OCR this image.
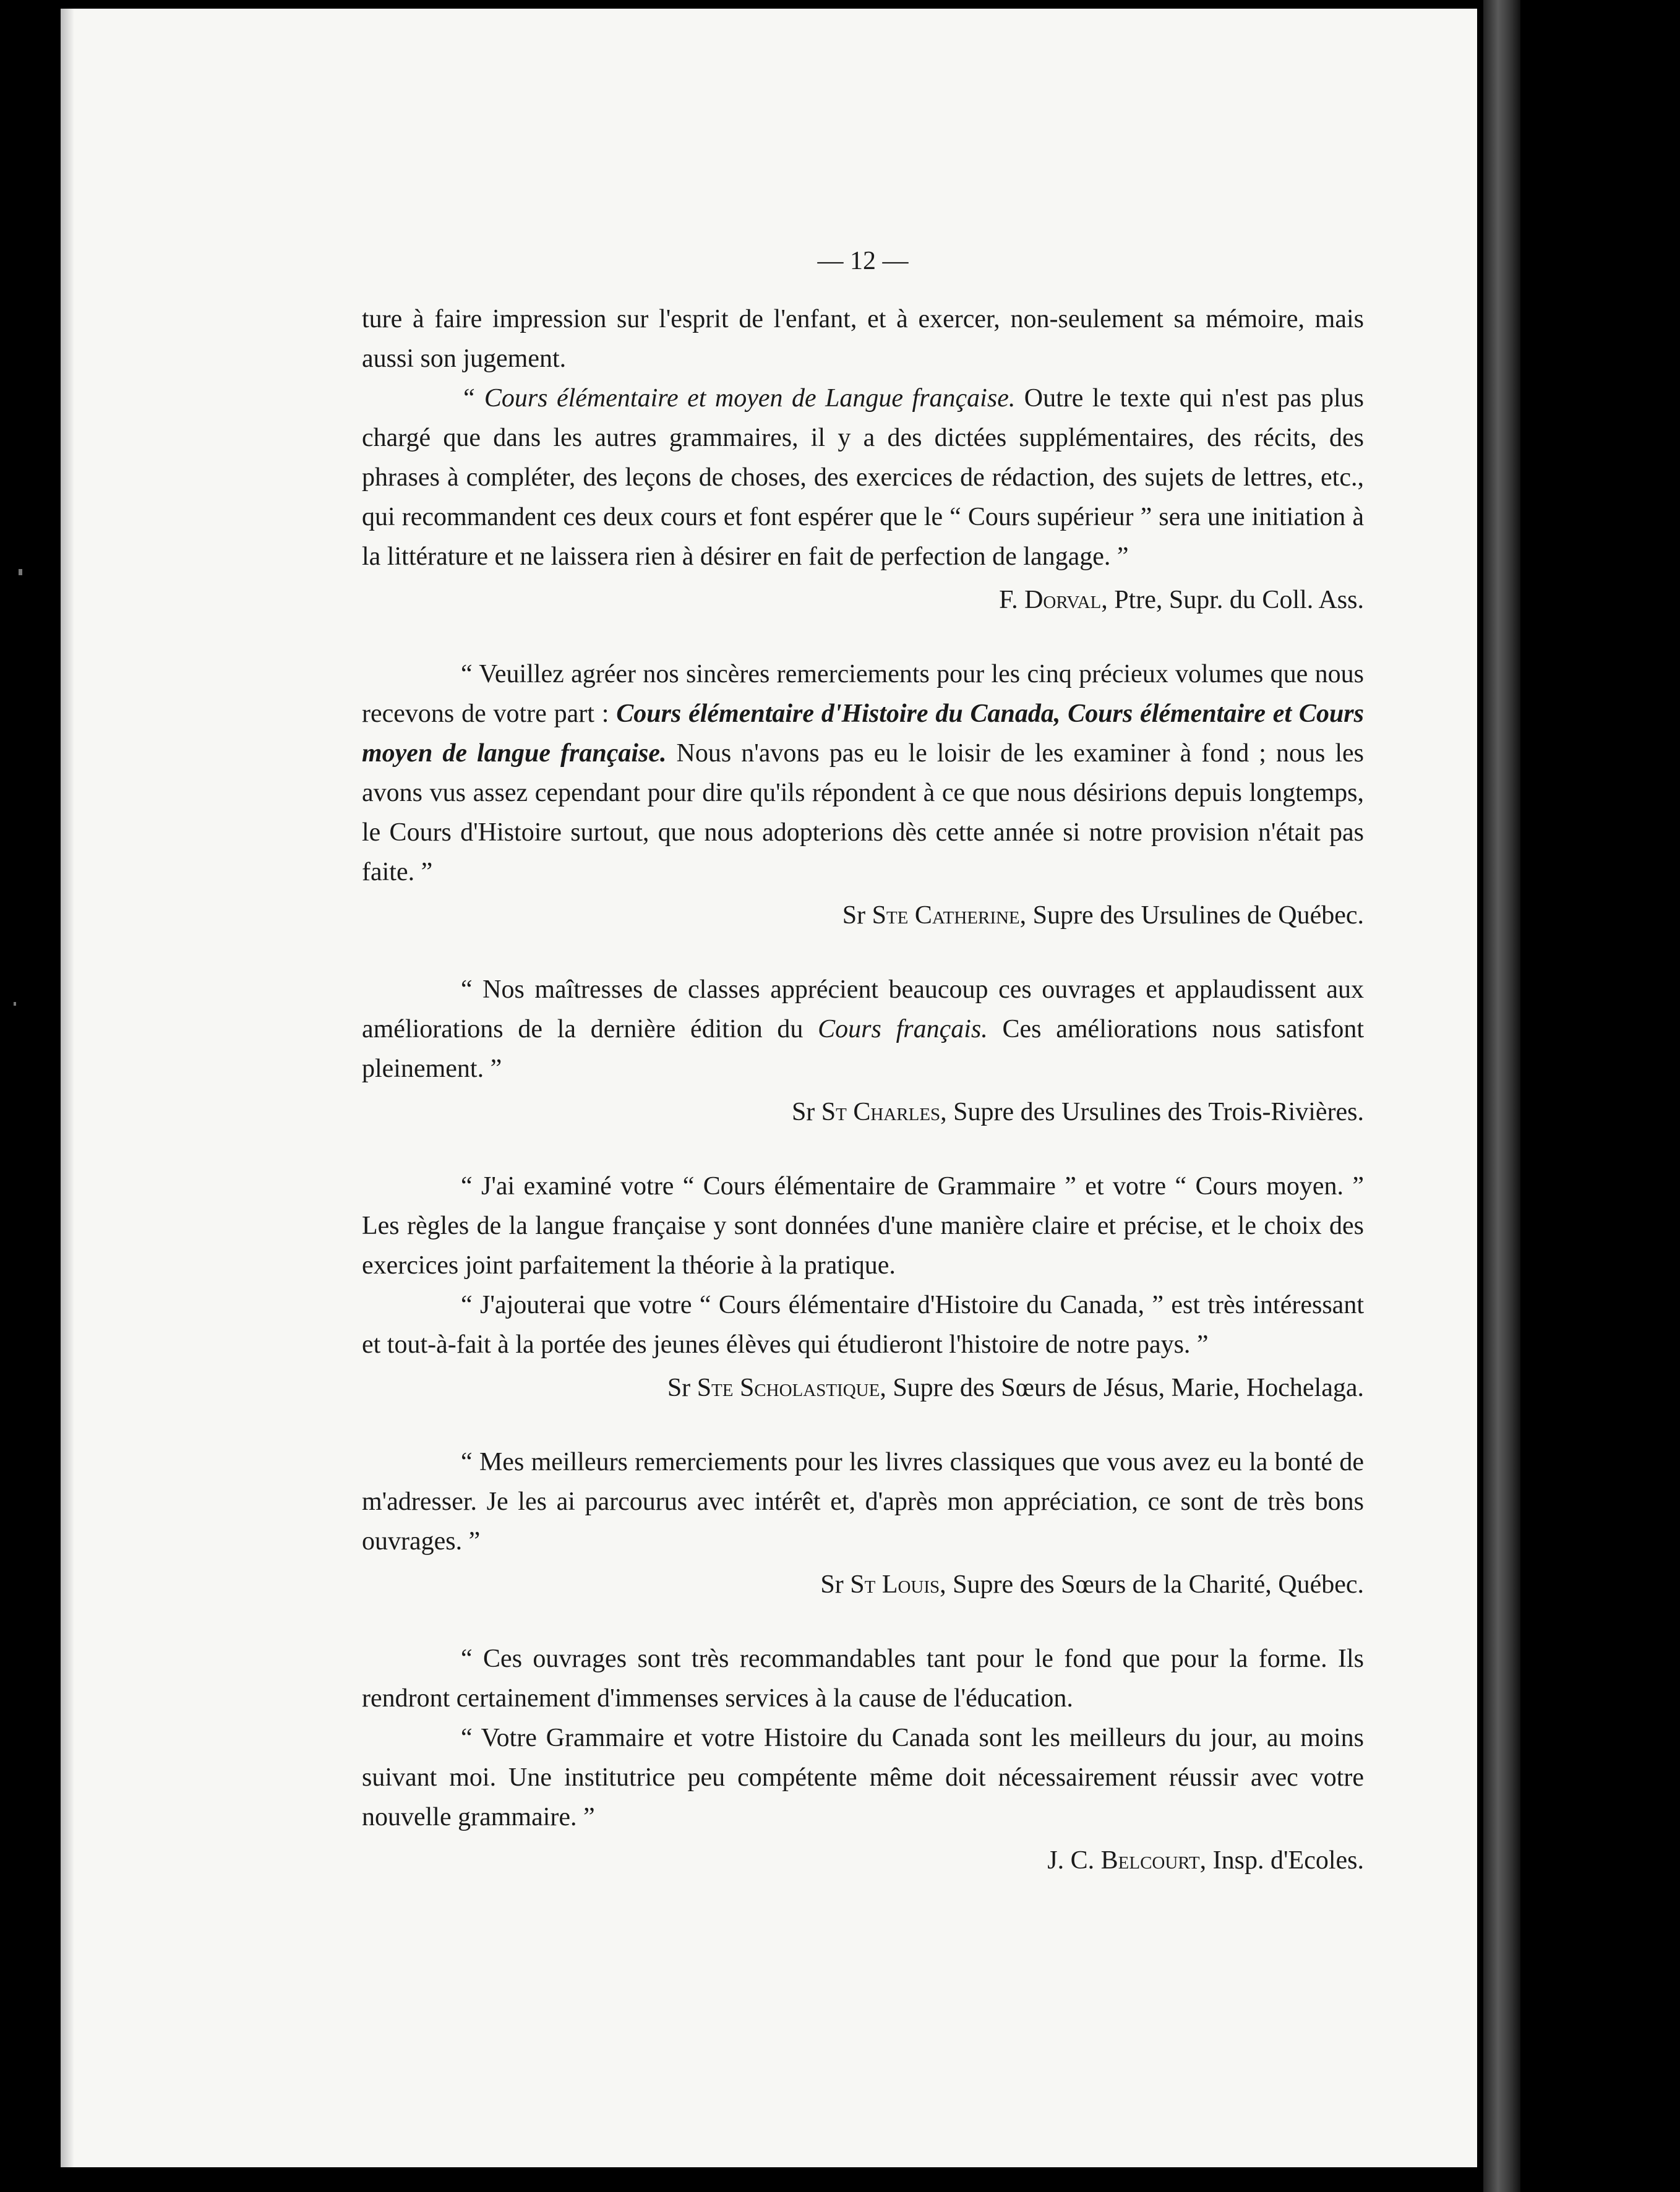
— 12 —

ture à faire impression sur l'esprit de l'enfant, et à exercer, non-seulement sa mémoire, mais aussi son jugement.

“ Cours élémentaire et moyen de Langue française. Outre le texte qui n'est pas plus chargé que dans les autres grammaires, il y a des dictées supplémentaires, des récits, des phrases à compléter, des leçons de choses, des exercices de rédaction, des sujets de lettres, etc., qui recommandent ces deux cours et font espérer que le “ Cours supérieur ” sera une initiation à la littérature et ne laissera rien à désirer en fait de perfection de langage. ”

F. Dorval, Ptre, Supr. du Coll. Ass.

“ Veuillez agréer nos sincères remerciements pour les cinq précieux volumes que nous recevons de votre part : Cours élémentaire d'Histoire du Canada, Cours élémentaire et Cours moyen de langue française. Nous n'avons pas eu le loisir de les examiner à fond ; nous les avons vus assez cependant pour dire qu'ils répondent à ce que nous désirions depuis longtemps, le Cours d'Histoire surtout, que nous adopterions dès cette année si notre provision n'était pas faite. ”

Sr Ste Catherine, Supre des Ursulines de Québec.

“ Nos maîtresses de classes apprécient beaucoup ces ouvrages et applaudissent aux améliorations de la dernière édition du Cours français. Ces améliorations nous satisfont pleinement. ”

Sr St Charles, Supre des Ursulines des Trois-Rivières.

“ J'ai examiné votre “ Cours élémentaire de Grammaire ” et votre “ Cours moyen. ” Les règles de la langue française y sont données d'une manière claire et précise, et le choix des exercices joint parfaitement la théorie à la pratique.

“ J'ajouterai que votre “ Cours élémentaire d'Histoire du Canada, ” est très intéressant et tout-à-fait à la portée des jeunes élèves qui étudieront l'histoire de notre pays. ”

Sr Ste Scholastique, Supre des Sœurs de Jésus, Marie, Hochelaga.

“ Mes meilleurs remerciements pour les livres classiques que vous avez eu la bonté de m'adresser. Je les ai parcourus avec intérêt et, d'après mon appréciation, ce sont de très bons ouvrages. ”

Sr St Louis, Supre des Sœurs de la Charité, Québec.

“ Ces ouvrages sont très recommandables tant pour le fond que pour la forme. Ils rendront certainement d'immenses services à la cause de l'éducation.

“ Votre Grammaire et votre Histoire du Canada sont les meilleurs du jour, au moins suivant moi. Une institutrice peu compétente même doit nécessairement réussir avec votre nouvelle grammaire. ”

J. C. Belcourt, Insp. d'Ecoles.
